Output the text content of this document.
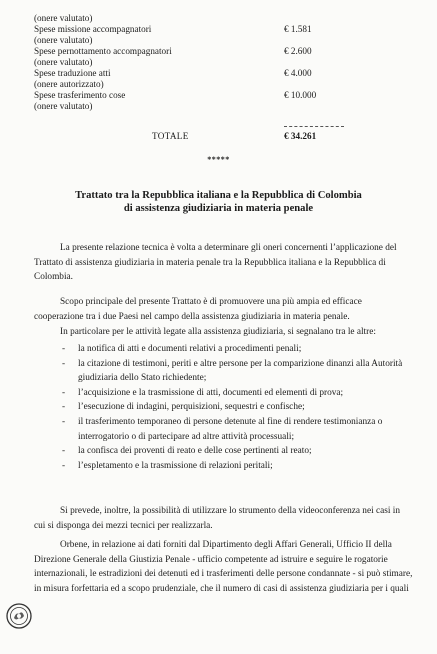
(onere valutato)
Spese missione accompagnatori	€ 1.581
(onere valutato)
Spese pernottamento accompagnatori	€ 2.600
(onere valutato)
Spese traduzione atti	€ 4.000
(onere autorizzato)
Spese trasferimento cose	€ 10.000
(onere valutato)
TOTALE	€ 34.261
*****
Trattato tra la Repubblica italiana e la Repubblica di Colombia
di assistenza giudiziaria in materia penale
La presente relazione tecnica è volta a determinare gli oneri concernenti l’applicazione del
Trattato di assistenza giudiziaria in materia penale tra la Repubblica italiana e la Repubblica di
Colombia.
Scopo principale del presente Trattato è di promuovere una più ampia ed efficace
cooperazione tra i due Paesi nel campo della assistenza giudiziaria in materia penale.
In particolare per le attività legate alla assistenza giudiziaria, si segnalano tra le altre:
- la notifica di atti e documenti relativi a procedimenti penali;
- la citazione di testimoni, periti e altre persone per la comparizione dinanzi alla Autorità
giudiziaria dello Stato richiedente;
- l’acquisizione e la trasmissione di atti, documenti ed elementi di prova;
- l’esecuzione di indagini, perquisizioni, sequestri e confische;
- il trasferimento temporaneo di persone detenute al fine di rendere testimonianza o
interrogatorio o di partecipare ad altre attività processuali;
- la confisca dei proventi di reato e delle cose pertinenti al reato;
- l’espletamento e la trasmissione di relazioni peritali;
Si prevede, inoltre, la possibilità di utilizzare lo strumento della videoconferenza nei casi in
cui si disponga dei mezzi tecnici per realizzarla.
Orbene, in relazione ai dati forniti dal Dipartimento degli Affari Generali, Ufficio II della
Direzione Generale della Giustizia Penale - ufficio competente ad istruire e seguire le rogatorie
internazionali, le estradizioni dei detenuti ed i trasferimenti delle persone condannate - si può stimare,
in misura forfettaria ed a scopo prudenziale, che il numero di casi di assistenza giudiziaria per i quali
